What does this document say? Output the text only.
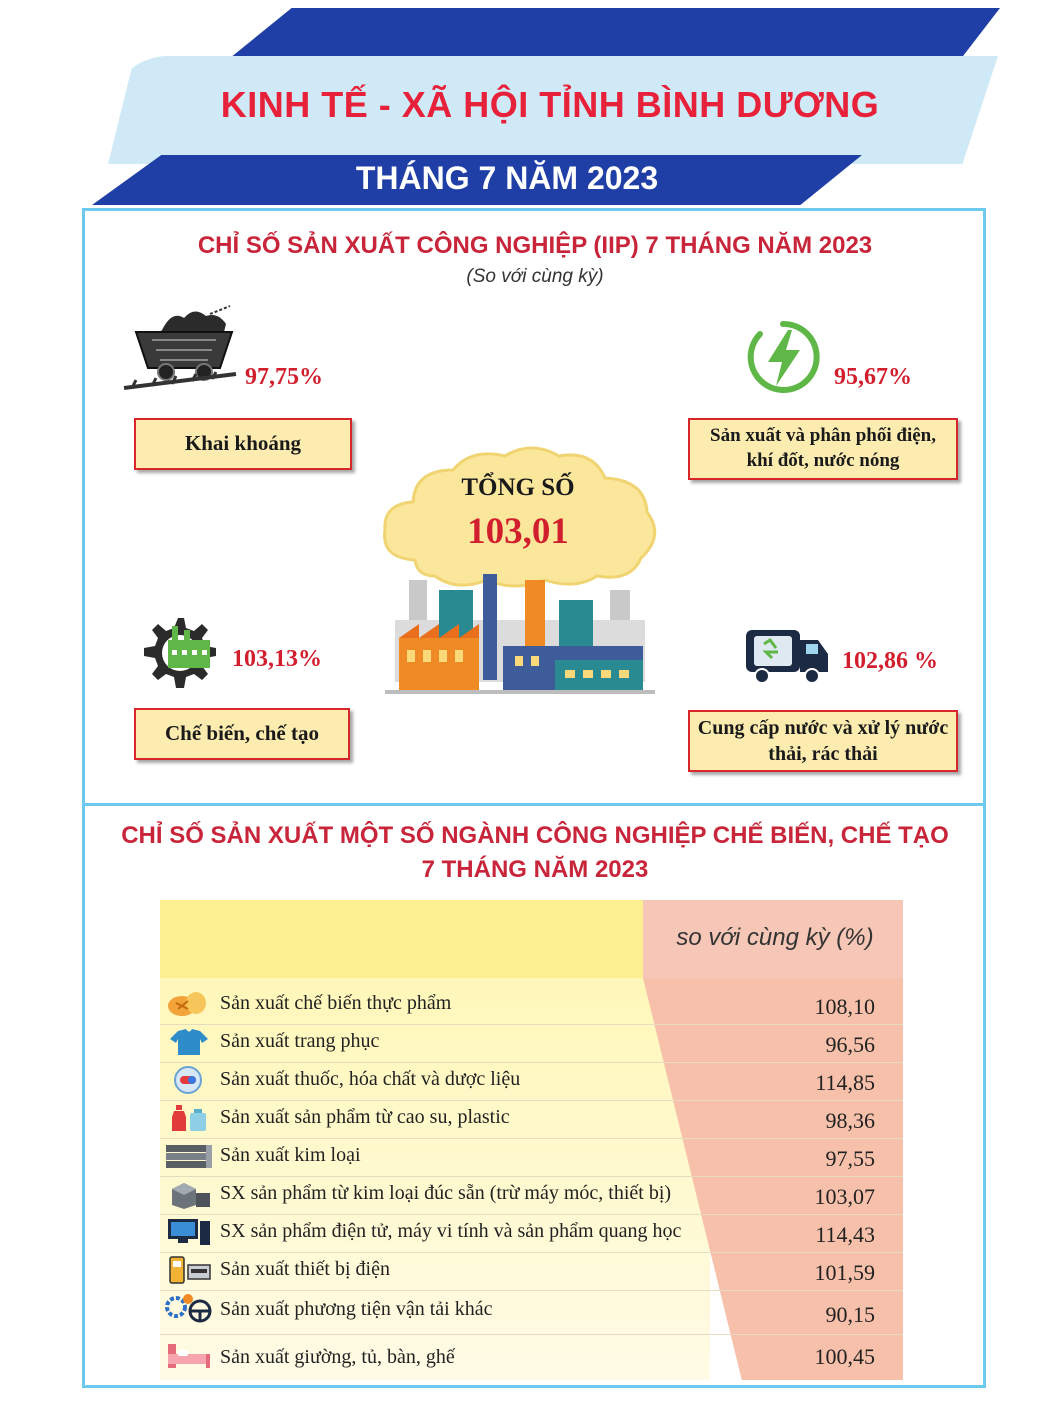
KINH TẾ - XÃ HỘI TỈNH BÌNH DƯƠNG
THÁNG 7 NĂM 2023
CHỈ SỐ SẢN XUẤT CÔNG NGHIỆP (IIP) 7 THÁNG NĂM 2023
(So với cùng kỳ)
97,75%
Khai khoáng
95,67%
Sản xuất và phân phối điện, khí đốt, nước nóng
TỔNG SỐ
103,01
103,13%
Chế biến, chế tạo
102,86 %
Cung cấp nước và xử lý nước thải, rác thải
CHỈ SỐ SẢN XUẤT MỘT SỐ NGÀNH CÔNG NGHIỆP CHẾ BIẾN, CHẾ TẠO
7 THÁNG NĂM 2023
so với cùng kỳ (%)
Sản xuất chế biến thực phẩm	108,10
Sản xuất trang phục	96,56
Sản xuất thuốc, hóa chất và dược liệu	114,85
Sản xuất sản phẩm từ cao su, plastic	98,36
Sản xuất kim loại	97,55
SX sản phẩm từ kim loại đúc sẵn (trừ máy móc, thiết bị)	103,07
SX sản phẩm điện tử, máy vi tính và sản phẩm quang học	114,43
Sản xuất thiết bị điện	101,59
Sản xuất phương tiện vận tải khác	90,15
Sản xuất giường, tủ, bàn, ghế	100,45
